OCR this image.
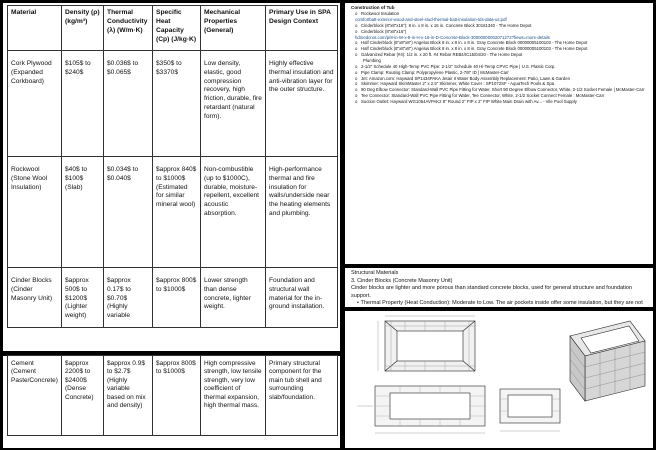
Material	Density (ρ) (kg/m³)	Thermal Conductivity (λ) (W/m·K)	Specific Heat Capacity (Cp) (J/kg·K)	Mechanical Properties (General)	Primary Use in SPA Design Context
Cork Plywood (Expanded Corkboard)	$105$ to $240$	$0.036$ to $0.065$	$350$ to $3370$	Low density, elastic, good compression recovery, high friction, durable, fire retardant (natural form).	Highly effective thermal insulation and anti-vibration layer for the outer structure.
Rockwool (Stone Wool Insulation)	$40$ to $100$ (Slab)	$0.034$ to $0.040$	$approx 840$ to $1000$ (Estimated for similar mineral wool)	Non-combustible (up to $1000C), durable, moisture-repellent, excellent acoustic absorption.	High-performance thermal and fire insulation for walls/underside near the heating elements and plumbing.
Cinder Blocks (Cinder Masonry Unit)	$approx 500$ to $1200$ (Lighter weight)	$approx 0.17$ to $0.70$ (Highly variable	$approx 800$ to $1000$	Lower strength than dense concrete, lighter weight.	Foundation and structural wall material for the in-ground installation.
Cement (Cement Paste/Concrete)	$approx 2200$ to $2400$ (Dense Concrete)	$approx 0.9$ to $2.7$ (Highly variable based on mix and density)	$approx 800$ to $1000$	High compressive strength, low tensile strength, very low coefficient of thermal expansion, high thermal mass.	Primary structural component for the main tub shell and surrounding slab/foundation.
Construction of Tub
o Rockwool Insulation
comfortbatt-exterior-wood-and-steel-stud-thermal-batt-insulation-tds-data-us.pdf
o Cinderblock (8"x8"x16"): 8 in. x 8 in. x 16 in. Concrete Block 30161340 - The Home Depot
o Cinderblock (8"x8"x16")
hdmedcnot.com/p/8-in-W-x-8-in-H-x-16-in-D-Concrete-Block-30000000002071272?fiews=more-details
o Half Cinderblock (8"x8"x8") Angelus Block 8 in. x 8 in. x 8 in. Gray Concrete Block 00000005100103 - The Home Depot
o Half Cinderblock (8"x8"x8") Angelus Block 8 in. x 8 in. x 8 in. Gray Concrete Block 00000005100103 - The Home Depot
o Galvanized Rebar (#4): 1/2 in. x 20 ft. #4 Rebar REB4/IC15/04/20 - The Home Depot
Plumbing
o 2-1/2" Schedule 40 High-Temp PVC Pipe: 2-1/2" Schedule 40 Hi-Temp CPVC Pipe | U.S. Plastic Corp.
o Pipe Clamp: Routing Clamp: Polypropylene Plastic, 2-7/8" ID | McMaster-Carr
o Jet: Amazon.com: Hayward SP1434PAKA Jetair II Water Body Assembly Replacement: Patio, Lawn & Garden
o Skimmer: Hayward SkimMaster 2" x 2.5" Skimmer, White Cover : SP1072SF - AquaTech Pools & Spa
o 90 Deg Elbow Connector: Standard-Wall PVC Pipe Fitting for Water, Short 90 Degree Elbow Connector, White, 2-1/2 Socket Female | McMaster-Carr
o Tee Connector: Standard-Wall PVC Pipe Fitting for Water, Tee Connector, White, 2-1/2 Socket Connect Female : McMaster-Carr
o Suction Outlet: Hayward WG1054AVPAK2 8" Round 2" FIP x 2" FIP White Main Drain with Av... - Vile Pool Supply
Structural Materials
3. Cinder Blocks (Concrete Masonry Unit)
Cinder blocks are lighter and more porous than standard concrete blocks, used for general structure and foundation support.
• Thermal Property (Heat Conduction): Moderate to Low. The air pockets inside offer some insulation, but they are not
